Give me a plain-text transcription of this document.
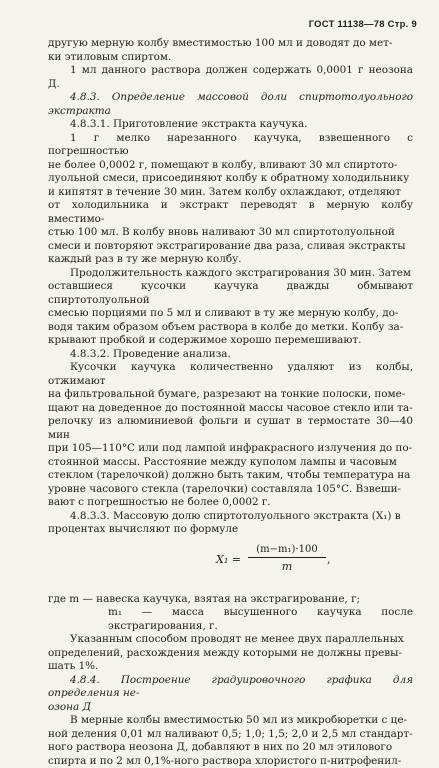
ГОСТ 11138—78 Стр. 9

другую мерную колбу вместимостью 100 мл и доводят до мет-

ки этиловым спиртом.

1 мл данного раствора должен содержать 0,0001 г неозона Д.

4.8.3. Определение массовой доли спиртотолуольного экстракта

4.8.3.1. Приготовление экстракта каучука.

1 г мелко нарезанного каучука, взвешенного с погрешностью

не более 0,0002 г, помещают в колбу, вливают 30 мл спиртото-

луольной смеси, присоединяют колбу к обратному холодильнику

и кипятят в течение 30 мин. Затем колбу охлаждают, отделяют

от холодильника и экстракт переводят в мерную колбу вместимо-

стью 100 мл. В колбу вновь наливают 30 мл спиртотолуольной

смеси и повторяют экстрагирование два раза, сливая экстракты

каждый раз в ту же мерную колбу.

Продолжительность каждого экстрагирования 30 мин. Затем

оставшиеся кусочки каучука дважды обмывают спиртотолуольной

смесью порциями по 5 мл и сливают в ту же мерную колбу, до-

водя таким образом объем раствора в колбе до метки. Колбу за-

крывают пробкой и содержимое хорошо перемешивают.

4.8.3.2. Проведение анализа.

Кусочки каучука количественно удаляют из колбы, отжимают

на фильтровальной бумаге, разрезают на тонкие полоски, поме-

щают на доведенное до постоянной массы часовое стекло или та-

релочку из алюминиевой фольги и сушат в термостате 30—40 мин

при 105—110°С или под лампой инфракрасного излучения до по-

стоянной массы. Расстояние между куполом лампы и часовым

стеклом (тарелочкой) должно быть таким, чтобы температура на

уровне часового стекла (тарелочки) составляла 105°С. Взвеши-

вают с погрешностью не более 0,0002 г.

4.8.3.3. Массовую долю спиртотолуольного экстракта (X₁) в

процентах вычисляют по формуле

$X_1 = \frac{\text{(m−m₁)·100}}{m}$ ,

где m — навеска каучука, взятая на экстрагирование, г;

m₁ — масса высушенного каучука после экстрагирования, г.

Указанным способом проводят не менее двух параллельных

определений, расхождения между которыми не должны превы-

шать 1%.

4.8.4. Построение градуировочного графика для определения не-

озона Д

В мерные колбы вместимостью 50 мл из микробюретки с це-

ной деления 0,01 мл наливают 0,5; 1,0; 1,5; 2,0 и 2,5 мл стандарт-

ного раствора неозона Д, добавляют в них по 20 мл этилового

спирта и по 2 мл 0,1%-ного раствора хлористого п-нитрофенил-
